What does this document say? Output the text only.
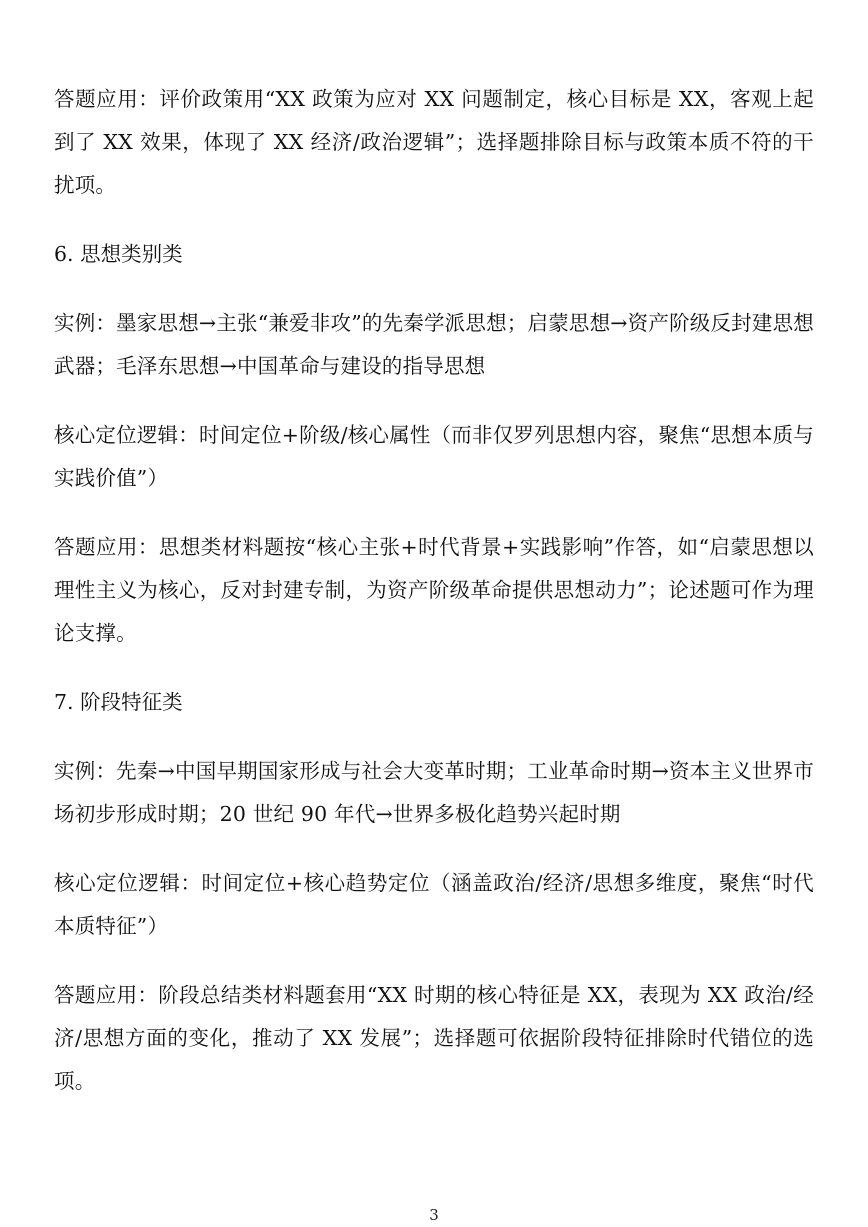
答题应用：评价政策用“XX 政策为应对 XX 问题制定，核心目标是 XX，客观上起到了 XX 效果，体现了 XX 经济/政治逻辑”；选择题排除目标与政策本质不符的干扰项。

6. 思想类别类

实例：墨家思想→主张“兼爱非攻”的先秦学派思想；启蒙思想→资产阶级反封建思想武器；毛泽东思想→中国革命与建设的指导思想

核心定位逻辑：时间定位+阶级/核心属性（而非仅罗列思想内容，聚焦“思想本质与实践价值”）

答题应用：思想类材料题按“核心主张+时代背景+实践影响”作答，如“启蒙思想以理性主义为核心，反对封建专制，为资产阶级革命提供思想动力”；论述题可作为理论支撑。

7. 阶段特征类

实例：先秦→中国早期国家形成与社会大变革时期；工业革命时期→资本主义世界市场初步形成时期；20 世纪 90 年代→世界多极化趋势兴起时期

核心定位逻辑：时间定位+核心趋势定位（涵盖政治/经济/思想多维度，聚焦“时代本质特征”）

答题应用：阶段总结类材料题套用“XX 时期的核心特征是 XX，表现为 XX 政治/经济/思想方面的变化，推动了 XX 发展”；选择题可依据阶段特征排除时代错位的选项。

3
